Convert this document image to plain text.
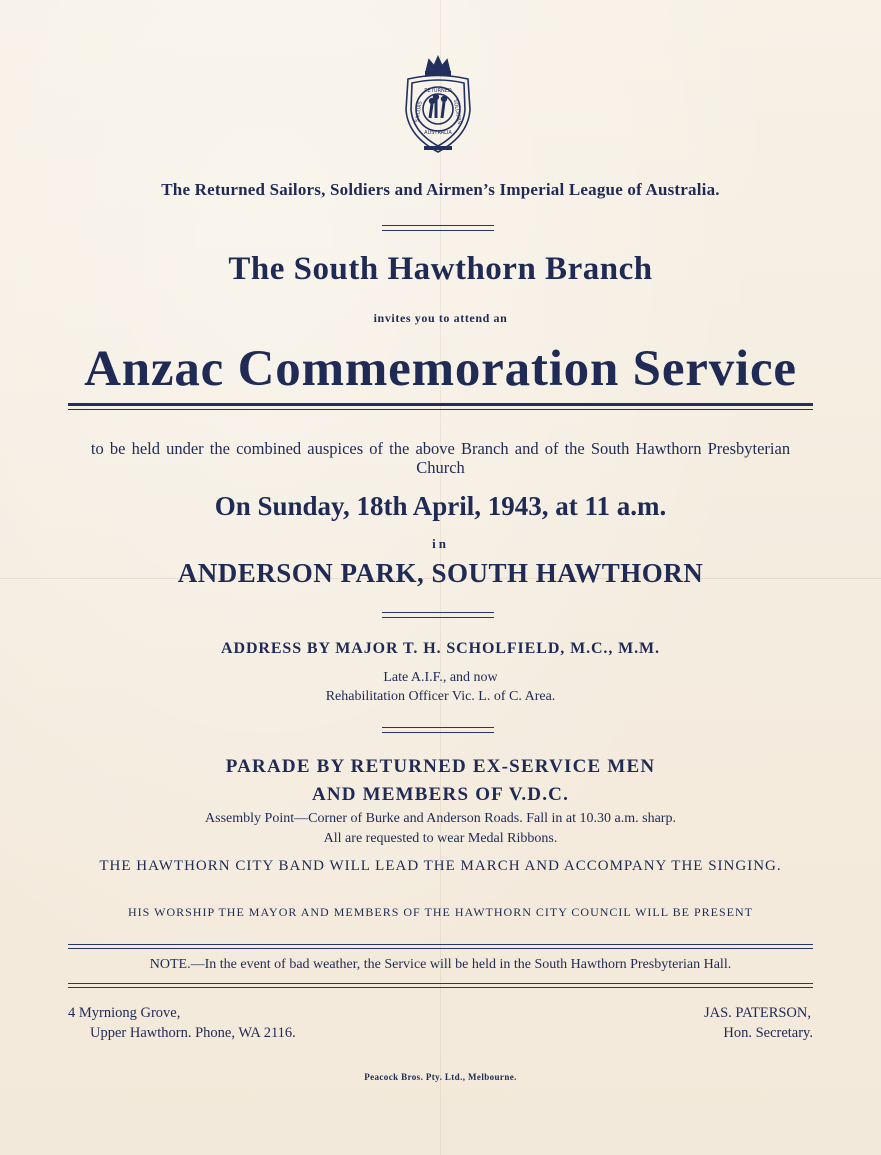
RETURNED
SAILORS	SOLDIERS
AUSTRALIA
The Returned Sailors, Soldiers and Airmen’s Imperial League of Australia.
The South Hawthorn Branch
invites you to attend an
Anzac Commemoration Service
to be held under the combined auspices of the above Branch and of the South Hawthorn Presbyterian Church
On Sunday, 18th April, 1943, at 11 a.m.
in
ANDERSON PARK, SOUTH HAWTHORN
ADDRESS BY MAJOR T. H. SCHOLFIELD, M.C., M.M.
Late A.I.F., and now
Rehabilitation Officer Vic. L. of C. Area.
PARADE BY RETURNED EX-SERVICE MEN
AND MEMBERS OF V.D.C.
Assembly Point—Corner of Burke and Anderson Roads. Fall in at 10.30 a.m. sharp.
All are requested to wear Medal Ribbons.
THE HAWTHORN CITY BAND WILL LEAD THE MARCH AND ACCOMPANY THE SINGING.
HIS WORSHIP THE MAYOR AND MEMBERS OF THE HAWTHORN CITY COUNCIL WILL BE PRESENT
NOTE.—In the event of bad weather, the Service will be held in the South Hawthorn Presbyterian Hall.
4 Myrniong Grove,
Upper Hawthorn. Phone, WA 2116.
JAS. PATERSON,
Hon. Secretary.
Peacock Bros. Pty. Ltd., Melbourne.
